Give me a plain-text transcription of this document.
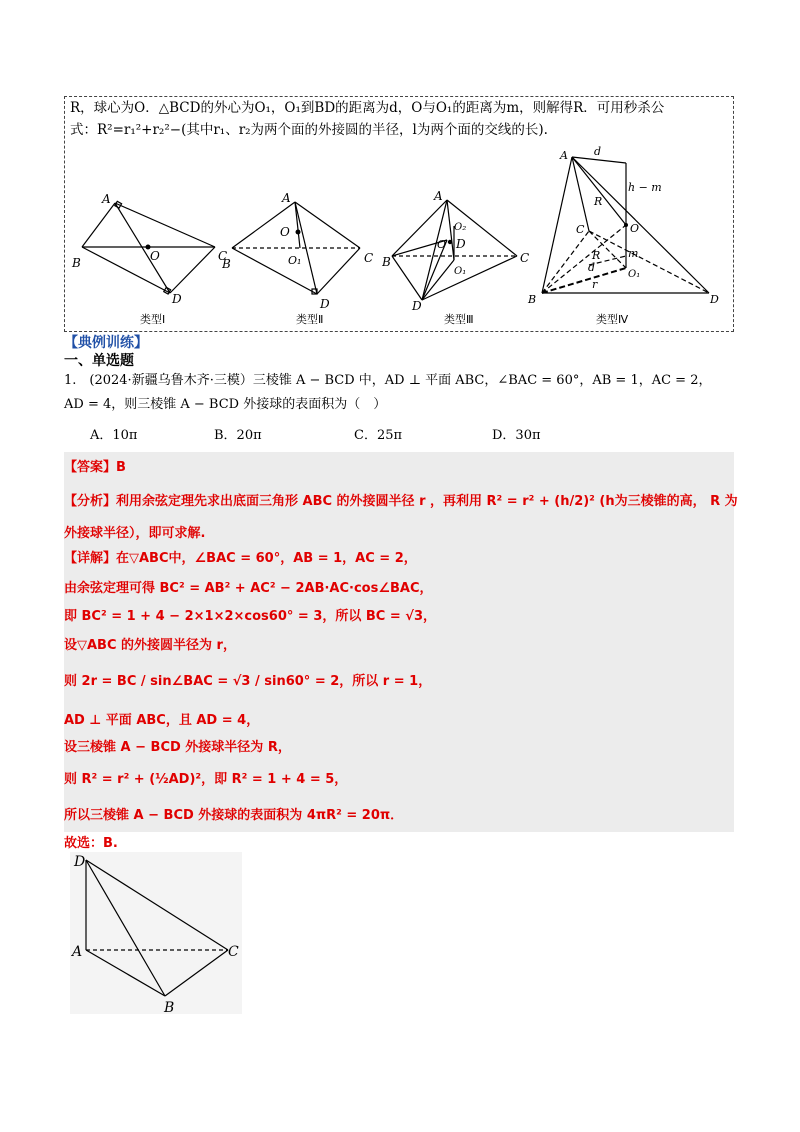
R，球心为O．△BCD的外心为O₁，O₁到BD的距离为d，O与O₁的距离为m，则解得R．可用秒杀公
式：R²=r₁²+r₂²−(其中r₁、r₂为两个面的外接圆的半径，l为两个面的交线的长).
A
B	O	C
D
A
O
B	O₁	C
D
A
O₂
O D
B
O₁
C
D
A d
h − m
R
C	O
m
R
d
O₁
r
B	D
类型Ⅰ	类型Ⅱ	类型Ⅲ	类型Ⅳ
【典例训练】
一、单选题
1.　(2024·新疆乌鲁木齐·三模）三棱锥 A − BCD 中，AD ⊥ 平面 ABC，∠BAC = 60°，AB = 1，AC = 2，
AD = 4，则三棱锥 A − BCD 外接球的表面积为（　）
A．10π	B．20π	C．25π	D．30π
【答案】B
【分析】利用余弦定理先求出底面三角形 ABC 的外接圆半径 r ，再利用 R² = r² + (h/2)² (h为三棱锥的高， R 为
外接球半径），即可求解.
【详解】在▽ABC中，∠BAC = 60°，AB = 1，AC = 2，
由余弦定理可得 BC² = AB² + AC² − 2AB·AC·cos∠BAC，
即 BC² = 1 + 4 − 2×1×2×cos60° = 3，所以 BC = √3，
设▽ABC 的外接圆半径为 r，
则 2r = BC / sin∠BAC = √3 / sin60° = 2，所以 r = 1，
AD ⊥ 平面 ABC，且 AD = 4，
设三棱锥 A − BCD 外接球半径为 R，
则 R² = r² + (½AD)²，即 R² = 1 + 4 = 5，
所以三棱锥 A − BCD 外接球的表面积为 4πR² = 20π．
故选：B.
D
A	C
B
